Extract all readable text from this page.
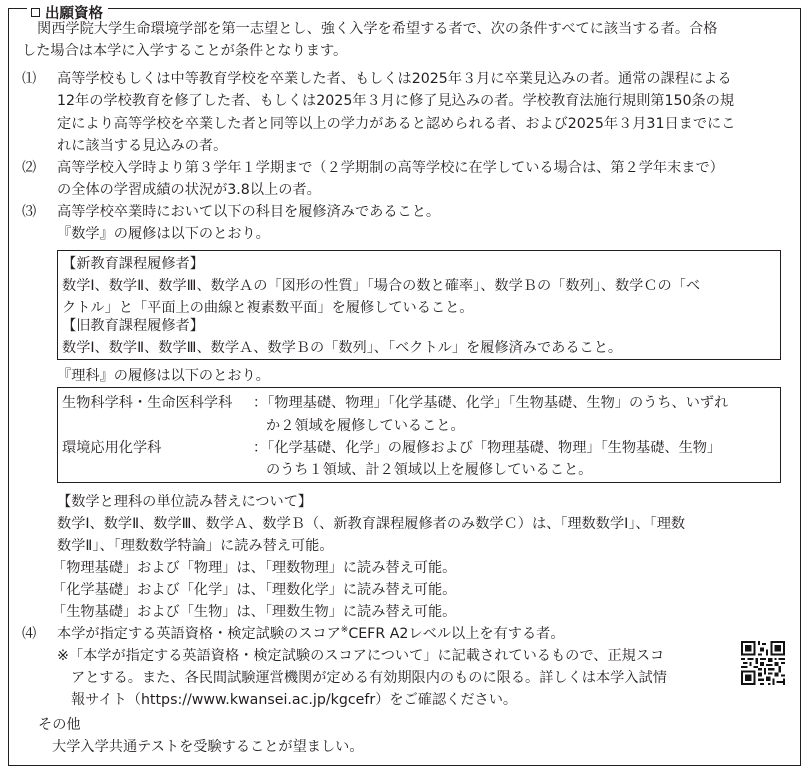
出願資格
関西学院大学生命環境学部を第一志望とし、強く入学を希望する者で、次の条件すべてに該当する者。合格
した場合は本学に入学することが条件となります。
⑴ 高等学校もしくは中等教育学校を卒業した者、もしくは2025年３月に卒業見込みの者。通常の課程による
12年の学校教育を修了した者、もしくは2025年３月に修了見込みの者。学校教育法施行規則第150条の規
定により高等学校を卒業した者と同等以上の学力があると認められる者、および2025年３月31日までにこ
れに該当する見込みの者。
⑵ 高等学校入学時より第３学年１学期まで（２学期制の高等学校に在学している場合は、第２学年末まで）
の全体の学習成績の状況が3.8以上の者。
⑶ 高等学校卒業時において以下の科目を履修済みであること。
『数学』の履修は以下のとおり。
【新教育課程履修者】
数学Ⅰ、数学Ⅱ、数学Ⅲ、数学Ａの「図形の性質」「場合の数と確率」、数学Ｂの「数列」、数学Ｃの「ベ
クトル」と「平面上の曲線と複素数平面」を履修していること。
【旧教育課程履修者】
数学Ⅰ、数学Ⅱ、数学Ⅲ、数学Ａ、数学Ｂの「数列」、「ベクトル」を履修済みであること。
『理科』の履修は以下のとおり。
生物科学科・生命医科学科 ：「物理基礎、物理」「化学基礎、化学」「生物基礎、生物」のうち、いずれ
か２領域を履修していること。
環境応用化学科	：「化学基礎、化学」の履修および「物理基礎、物理」「生物基礎、生物」
のうち１領域、計２領域以上を履修していること。
【数学と理科の単位読み替えについて】
数学Ⅰ、数学Ⅱ、数学Ⅲ、数学Ａ、数学Ｂ（、新教育課程履修者のみ数学Ｃ）は、「理数数学Ⅰ」、「理数
数学Ⅱ」、「理数数学特論」に読み替え可能。
「物理基礎」および「物理」は、「理数物理」に読み替え可能。
「化学基礎」および「化学」は、「理数化学」に読み替え可能。
「生物基礎」および「生物」は、「理数生物」に読み替え可能。
⑷ 本学が指定する英語資格・検定試験のスコア※CEFR A2レベル以上を有する者。
※「本学が指定する英語資格・検定試験のスコアについて」に記載されているもので、正規スコ
アとする。また、各民間試験運営機関が定める有効期限内のものに限る。詳しくは本学入試情
報サイト（https://www.kwansei.ac.jp/kgcefr）をご確認ください。
その他
大学入学共通テストを受験することが望ましい。
